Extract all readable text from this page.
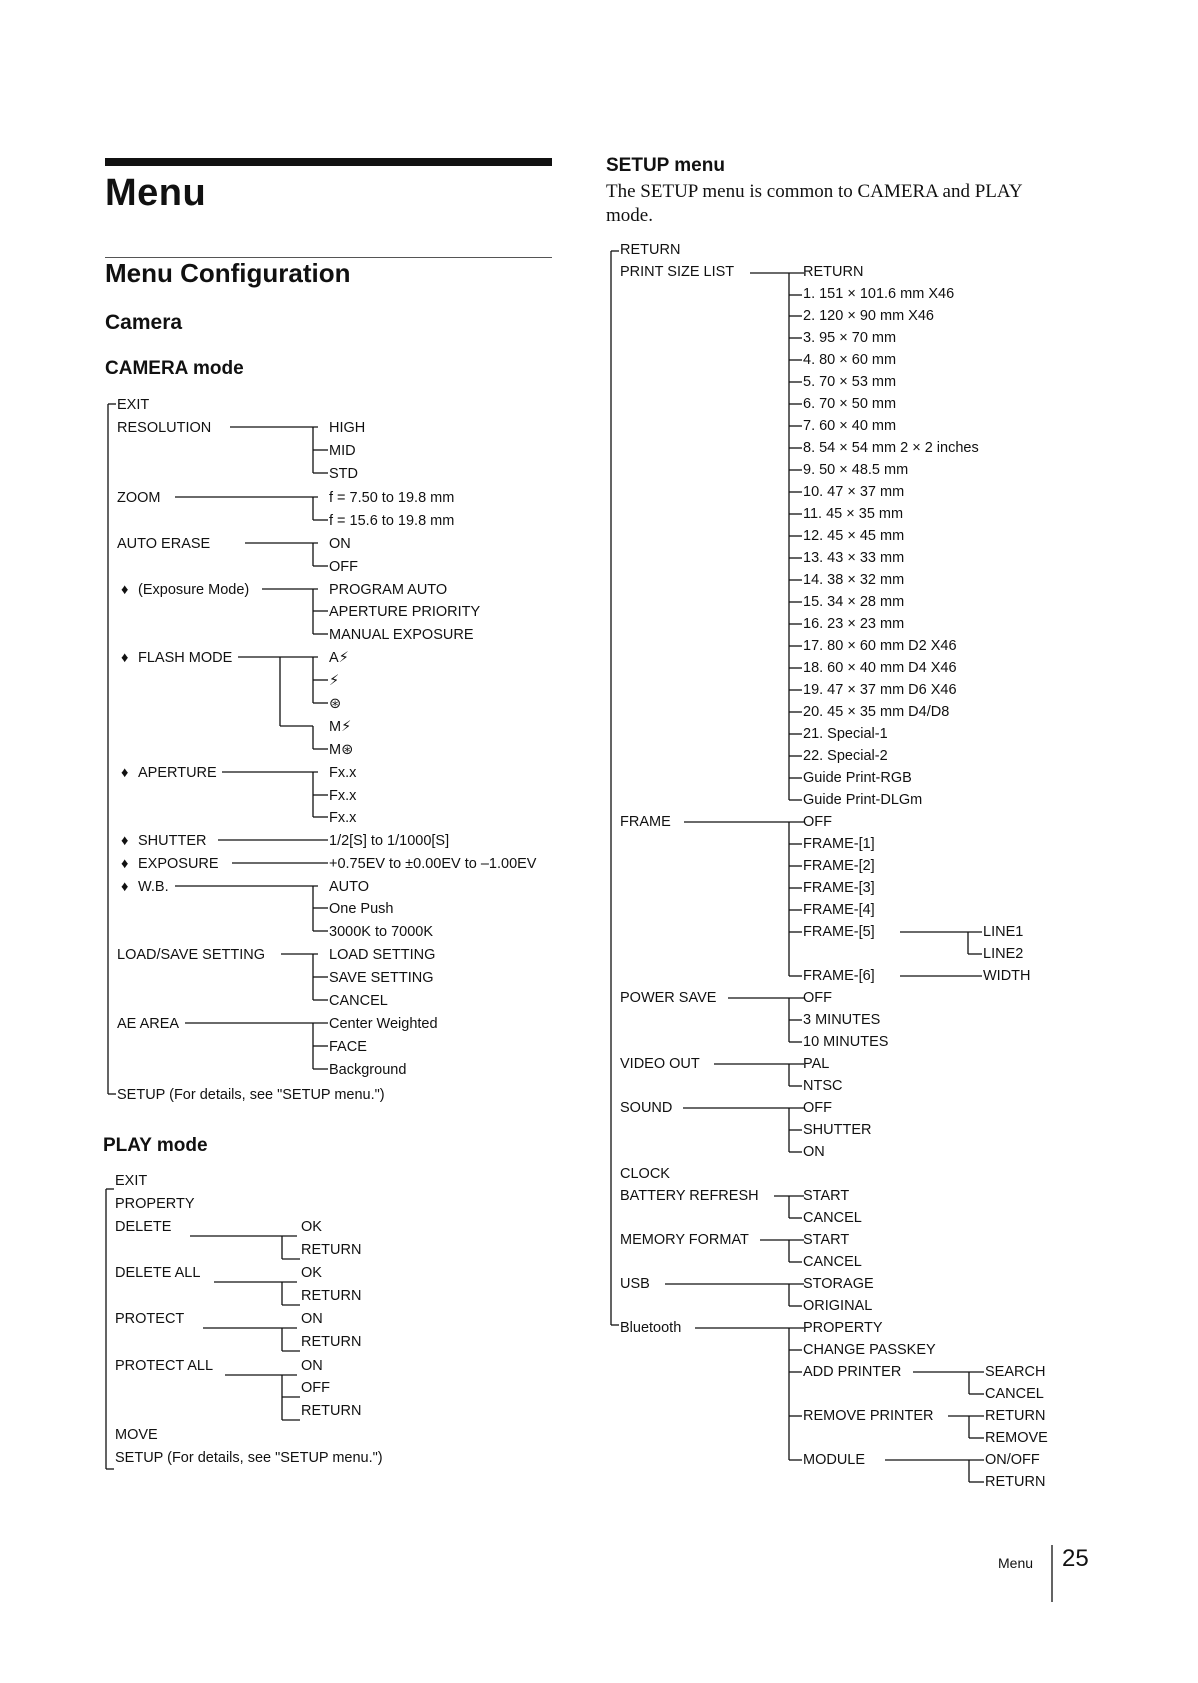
Menu
Menu Configuration
Camera
CAMERA mode
EXIT
RESOLUTION	HIGH
MID
STD
ZOOM	f = 7.50 to 19.8 mm
f = 15.6 to 19.8 mm
AUTO ERASE	ON
OFF
♦ (Exposure Mode)	PROGRAM AUTO
APERTURE PRIORITY
MANUAL EXPOSURE
♦ FLASH MODE	A⚡
⚡
⊛
M⚡
M⊛
♦ APERTURE	Fx.x
Fx.x
Fx.x
♦ SHUTTER	1/2[S] to 1/1000[S]
♦ EXPOSURE	+0.75EV to ±0.00EV to –1.00EV
♦ W.B.	AUTO
One Push
3000K to 7000K
LOAD/SAVE SETTING	LOAD SETTING
SAVE SETTING
CANCEL
AE AREA	Center Weighted
FACE
Background
SETUP (For details, see "SETUP menu.")
PLAY mode
EXIT
PROPERTY
DELETE	OK
RETURN
DELETE ALL	OK
RETURN
PROTECT	ON
RETURN
PROTECT ALL	ON
OFF
RETURN
MOVE
SETUP (For details, see "SETUP menu.")
SETUP menu
The SETUP menu is common to CAMERA and PLAY mode.
RETURN
PRINT SIZE LIST	RETURN
1. 151 × 101.6 mm X46
2. 120 × 90 mm X46
3. 95 × 70 mm
4. 80 × 60 mm
5. 70 × 53 mm
6. 70 × 50 mm
7. 60 × 40 mm
8. 54 × 54 mm 2 × 2 inches
9. 50 × 48.5 mm
10. 47 × 37 mm
11. 45 × 35 mm
12. 45 × 45 mm
13. 43 × 33 mm
14. 38 × 32 mm
15. 34 × 28 mm
16. 23 × 23 mm
17. 80 × 60 mm D2 X46
18. 60 × 40 mm D4 X46
19. 47 × 37 mm D6 X46
20. 45 × 35 mm D4/D8
21. Special-1
22. Special-2
Guide Print-RGB
Guide Print-DLGm
FRAME	OFF
FRAME-[1]
FRAME-[2]
FRAME-[3]
FRAME-[4]
FRAME-[5]	LINE1
LINE2
FRAME-[6]	WIDTH
POWER SAVE	OFF
3 MINUTES
10 MINUTES
VIDEO OUT	PAL
NTSC
SOUND	OFF
SHUTTER
ON
CLOCK
BATTERY REFRESH	START
CANCEL
MEMORY FORMAT	START
CANCEL
USB	STORAGE
ORIGINAL
Bluetooth	PROPERTY
CHANGE PASSKEY
ADD PRINTER	SEARCH
CANCEL
REMOVE PRINTER	RETURN
REMOVE
MODULE	ON/OFF
RETURN
Menu 25
